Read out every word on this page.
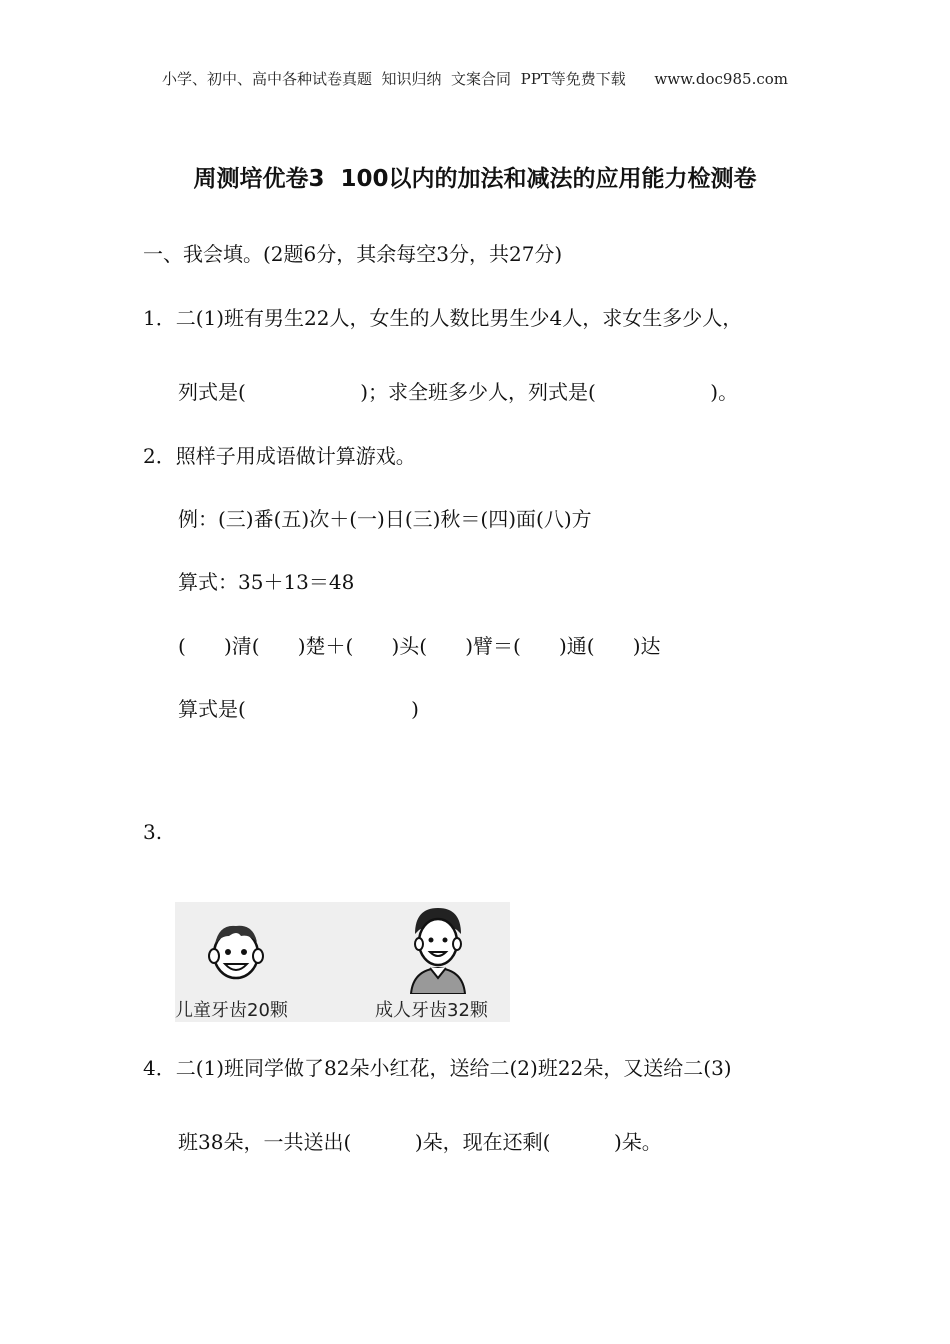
小学、初中、高中各种试卷真题  知识归纳  文案合同  PPT等免费下载      www.doc985.com
周测培优卷3  100以内的加法和减法的应用能力检测卷
一、我会填。(2题6分，其余每空3分，共27分)
1．二(1)班有男生22人，女生的人数比男生少4人，求女生多少人，
列式是(                  )；求全班多少人，列式是(                  )。
2．照样子用成语做计算游戏。
例：(三)番(五)次＋(一)日(三)秋＝(四)面(八)方
算式：35＋13＝48
(      )清(      )楚＋(      )头(      )臂＝(      )通(      )达
算式是(                          )
3.

儿童牙齿20颗

	成人牙齿32颗

4．二(1)班同学做了82朵小红花，送给二(2)班22朵，又送给二(3)
班38朵，一共送出(          )朵，现在还剩(          )朵。
